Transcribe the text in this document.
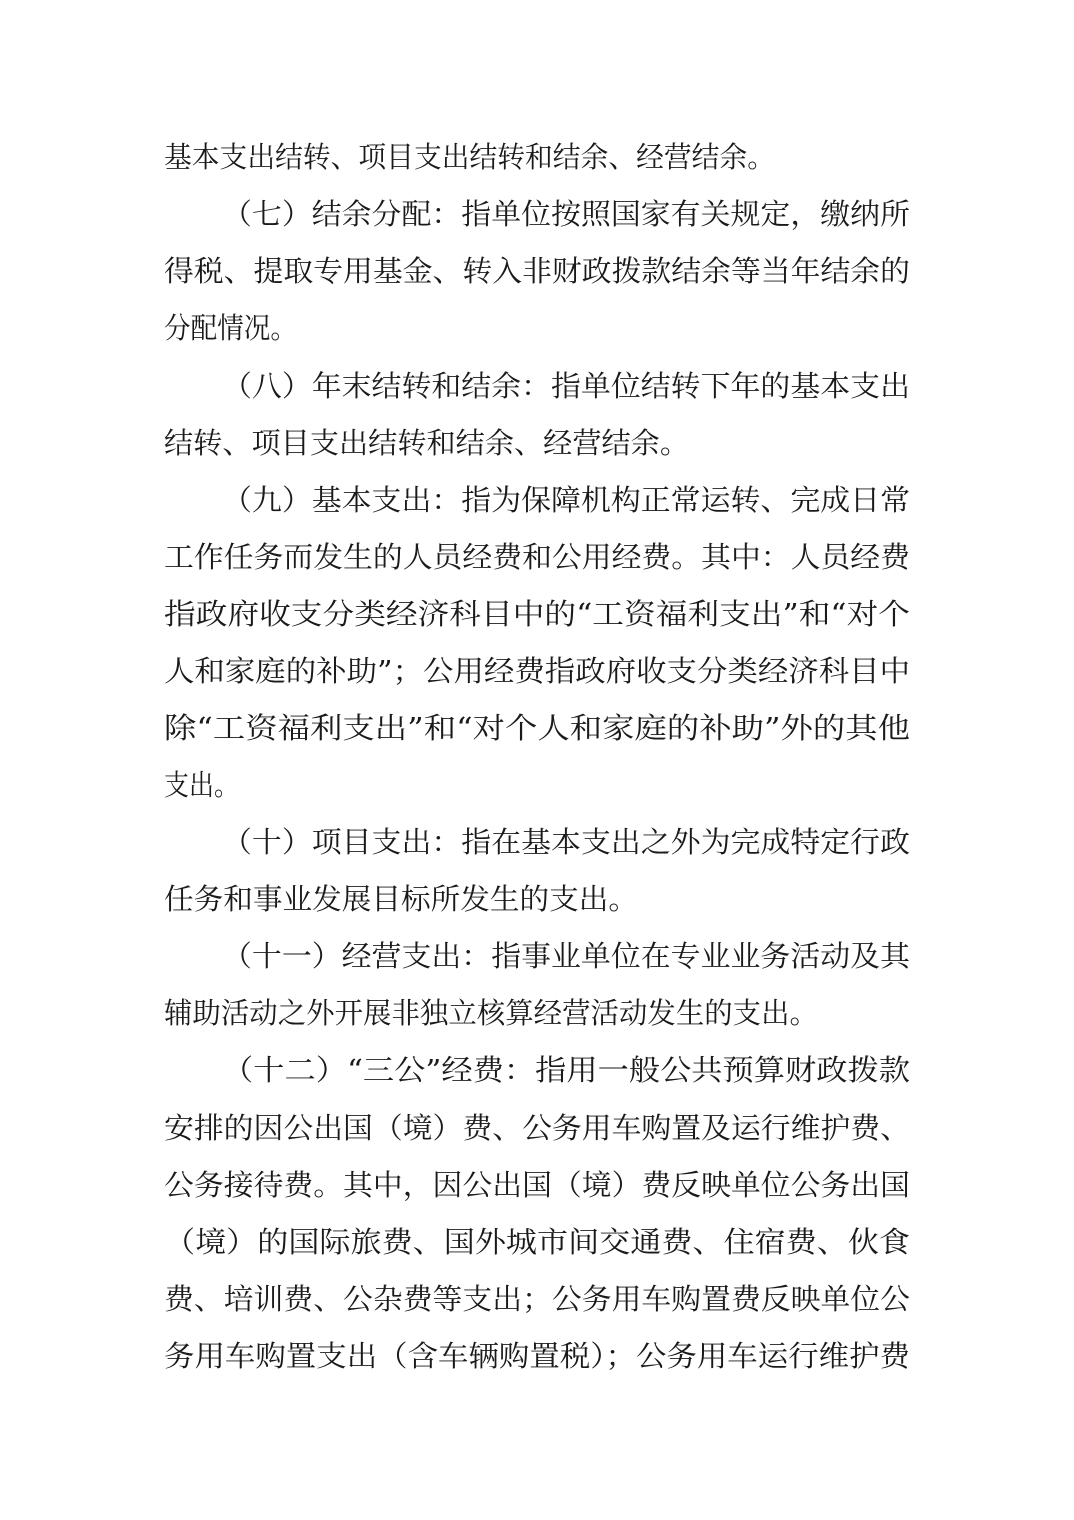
基本支出结转、项目支出结转和结余、经营结余。
（七）结余分配：指单位按照国家有关规定，缴纳所
得税、提取专用基金、转入非财政拨款结余等当年结余的
分配情况。
（八）年末结转和结余：指单位结转下年的基本支出
结转、项目支出结转和结余、经营结余。
（九）基本支出：指为保障机构正常运转、完成日常
工作任务而发生的人员经费和公用经费。其中：人员经费
指政府收支分类经济科目中的“工资福利支出”和“对个
人和家庭的补助”；公用经费指政府收支分类经济科目中
除“工资福利支出”和“对个人和家庭的补助”外的其他
支出。
（十）项目支出：指在基本支出之外为完成特定行政
任务和事业发展目标所发生的支出。
（十一）经营支出：指事业单位在专业业务活动及其
辅助活动之外开展非独立核算经营活动发生的支出。
（十二）“三公”经费：指用一般公共预算财政拨款
安排的因公出国（境）费、公务用车购置及运行维护费、
公务接待费。其中，因公出国（境）费反映单位公务出国
（境）的国际旅费、国外城市间交通费、住宿费、伙食
费、培训费、公杂费等支出；公务用车购置费反映单位公
务用车购置支出（含车辆购置税）；公务用车运行维护费
